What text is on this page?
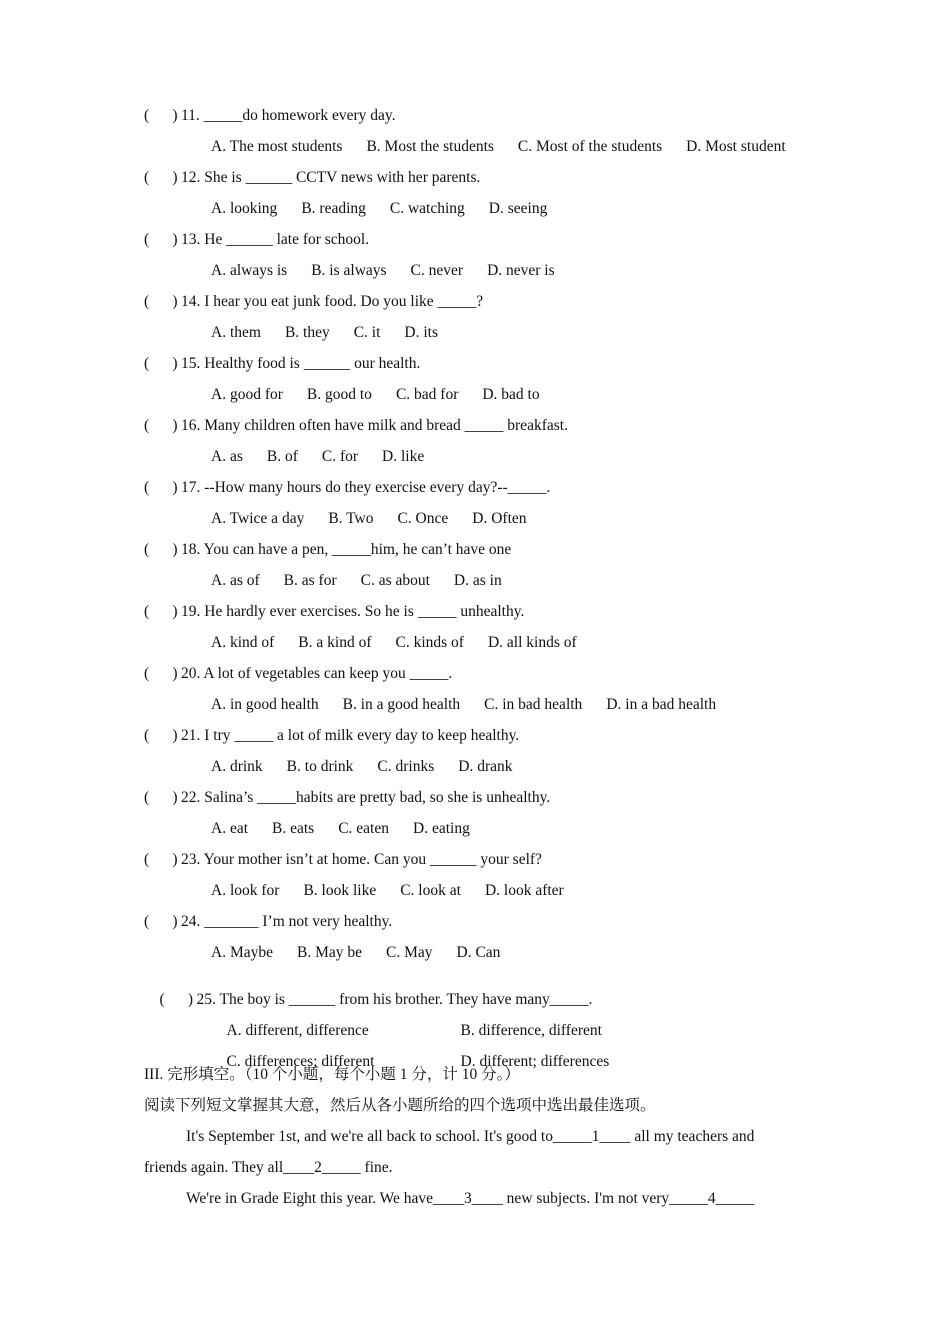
(      ) 11. _____do homework every day.
A. The most students B. Most the students C. Most of the students D. Most student
(      ) 12. She is ______ CCTV news with her parents.
A. looking B. reading C. watching D. seeing
(      ) 13. He ______ late for school.
A. always is B. is always C. never D. never is
(      ) 14. I hear you eat junk food. Do you like _____?
A. them B. they C. it D. its
(      ) 15. Healthy food is ______ our health.
A. good for B. good to C. bad for D. bad to
(      ) 16. Many children often have milk and bread _____ breakfast.
A. as B. of C. for D. like
(      ) 17. --How many hours do they exercise every day?--_____.
A. Twice a day B. Two C. Once D. Often
(      ) 18. You can have a pen, _____him, he can’t have one
A. as of B. as for C. as about D. as in
(      ) 19. He hardly ever exercises. So he is _____ unhealthy.
A. kind of B. a kind of C. kinds of D. all kinds of
(      ) 20. A lot of vegetables can keep you _____.
A. in good health B. in a good health C. in bad health D. in a bad health
(      ) 21. I try _____ a lot of milk every day to keep healthy.
A. drink B. to drink C. drinks D. drank
(      ) 22. Salina’s _____habits are pretty bad, so she is unhealthy.
A. eat B. eats C. eaten D. eating
(      ) 23. Your mother isn’t at home. Can you ______ your self?
A. look for B. look like C. look at D. look after
(      ) 24. _______ I’m not very healthy.
A. Maybe B. May be C. May D. Can

(      ) 25. The boy is ______ from his brother. They have many_____.

A. different, difference	B. difference, different

C. differences; different	D. different; differences

III. 完形填空。（10 个小题，每个小题 1 分，计 10 分。）
阅读下列短文掌握其大意，然后从各小题所给的四个选项中选出最佳选项。
It's September 1st, and we're all back to school. It's good to_____1____ all my teachers and
friends again. They all____2_____ fine.
We're in Grade Eight this year. We have____3____ new subjects. I'm not very_____4_____
